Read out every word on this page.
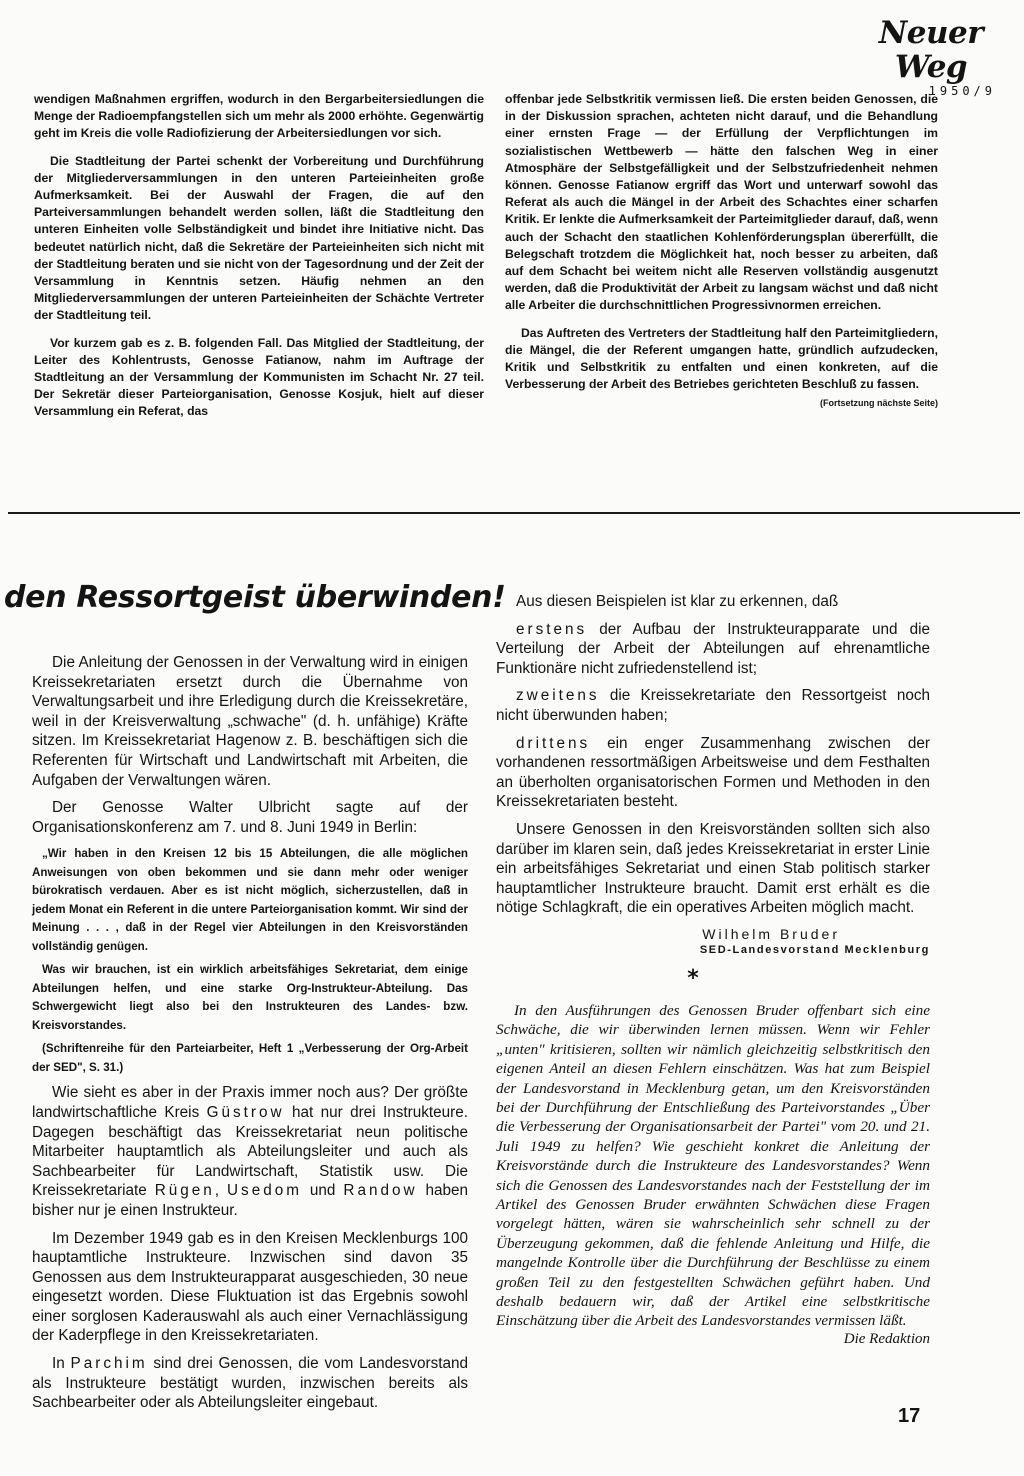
Neuer Weg
1950/9

wendigen Maßnahmen ergriffen, wodurch in den Bergarbeitersiedlungen die Menge der Radioempfangstellen sich um mehr als 2000 erhöhte. Gegenwärtig geht im Kreis die volle Radiofizierung der Arbeitersiedlungen vor sich.

Die Stadtleitung der Partei schenkt der Vorbereitung und Durchführung der Mitgliederversammlungen in den unteren Parteieinheiten große Aufmerksamkeit. Bei der Auswahl der Fragen, die auf den Parteiversammlungen behandelt werden sollen, läßt die Stadtleitung den unteren Einheiten volle Selbständigkeit und bindet ihre Initiative nicht. Das bedeutet natürlich nicht, daß die Sekretäre der Parteieinheiten sich nicht mit der Stadtleitung beraten und sie nicht von der Tagesordnung und der Zeit der Versammlung in Kenntnis setzen. Häufig nehmen an den Mitgliederversammlungen der unteren Parteieinheiten der Schächte Vertreter der Stadtleitung teil.

Vor kurzem gab es z. B. folgenden Fall. Das Mitglied der Stadtleitung, der Leiter des Kohlentrusts, Genosse Fatianow, nahm im Auftrage der Stadtleitung an der Versammlung der Kommunisten im Schacht Nr. 27 teil. Der Sekretär dieser Parteiorganisation, Genosse Kosjuk, hielt auf dieser Versammlung ein Referat, das

offenbar jede Selbstkritik vermissen ließ. Die ersten beiden Genossen, die in der Diskussion sprachen, achteten nicht darauf, und die Behandlung einer ernsten Frage — der Erfüllung der Verpflichtungen im sozialistischen Wettbewerb — hätte den falschen Weg in einer Atmosphäre der Selbstgefälligkeit und der Selbstzufriedenheit nehmen können. Genosse Fatianow ergriff das Wort und unterwarf sowohl das Referat als auch die Mängel in der Arbeit des Schachtes einer scharfen Kritik. Er lenkte die Aufmerksamkeit der Parteimitglieder darauf, daß, wenn auch der Schacht den staatlichen Kohlenförderungsplan übererfüllt, die Belegschaft trotzdem die Möglichkeit hat, noch besser zu arbeiten, daß auf dem Schacht bei weitem nicht alle Reserven vollständig ausgenutzt werden, daß die Produktivität der Arbeit zu langsam wächst und daß nicht alle Arbeiter die durchschnittlichen Progressivnormen erreichen.

Das Auftreten des Vertreters der Stadtleitung half den Parteimitgliedern, die Mängel, die der Referent umgangen hatte, gründlich aufzudecken, Kritik und Selbstkritik zu entfalten und einen konkreten, auf die Verbesserung der Arbeit des Betriebes gerichteten Beschluß zu fassen.

(Fortsetzung nächste Seite)
den Ressortgeist überwinden!

Die Anleitung der Genossen in der Verwaltung wird in einigen Kreissekretariaten ersetzt durch die Übernahme von Verwaltungsarbeit und ihre Erledigung durch die Kreissekretäre, weil in der Kreisverwaltung „schwache" (d. h. unfähige) Kräfte sitzen. Im Kreissekretariat Hagenow z. B. beschäftigen sich die Referenten für Wirtschaft und Landwirtschaft mit Arbeiten, die Aufgaben der Verwaltungen wären.

Der Genosse Walter Ulbricht sagte auf der Organisationskonferenz am 7. und 8. Juni 1949 in Berlin:

„Wir haben in den Kreisen 12 bis 15 Abteilungen, die alle möglichen Anweisungen von oben bekommen und sie dann mehr oder weniger bürokratisch verdauen. Aber es ist nicht möglich, sicherzustellen, daß in jedem Monat ein Referent in die untere Parteiorganisation kommt. Wir sind der Meinung . . . , daß in der Regel vier Abteilungen in den Kreisvorständen vollständig genügen.

Was wir brauchen, ist ein wirklich arbeitsfähiges Sekretariat, dem einige Abteilungen helfen, und eine starke Org-Instrukteur-Abteilung. Das Schwergewicht liegt also bei den Instrukteuren des Landes- bzw. Kreisvorstandes.

(Schriftenreihe für den Parteiarbeiter, Heft 1 „Verbesserung der Org-Arbeit der SED", S. 31.)

Wie sieht es aber in der Praxis immer noch aus? Der größte landwirtschaftliche Kreis Güstrow hat nur drei Instrukteure. Dagegen beschäftigt das Kreissekretariat neun politische Mitarbeiter hauptamtlich als Abteilungsleiter und auch als Sachbearbeiter für Landwirtschaft, Statistik usw. Die Kreissekretariate Rügen, Usedom und Randow haben bisher nur je einen Instrukteur.

Im Dezember 1949 gab es in den Kreisen Mecklenburgs 100 hauptamtliche Instrukteure. Inzwischen sind davon 35 Genossen aus dem Instrukteurapparat ausgeschieden, 30 neue eingesetzt worden. Diese Fluktuation ist das Ergebnis sowohl einer sorglosen Kaderauswahl als auch einer Vernachlässigung der Kaderpflege in den Kreissekretariaten.

In Parchim sind drei Genossen, die vom Landesvorstand als Instrukteure bestätigt wurden, inzwischen bereits als Sachbearbeiter oder als Abteilungsleiter eingebaut.

Aus diesen Beispielen ist klar zu erkennen, daß

erstens der Aufbau der Instrukteurapparate und die Verteilung der Arbeit der Abteilungen auf ehrenamtliche Funktionäre nicht zufriedenstellend ist;

zweitens die Kreissekretariate den Ressortgeist noch nicht überwunden haben;

drittens ein enger Zusammenhang zwischen der vorhandenen ressortmäßigen Arbeitsweise und dem Festhalten an überholten organisatorischen Formen und Methoden in den Kreissekretariaten besteht.

Unsere Genossen in den Kreisvorständen sollten sich also darüber im klaren sein, daß jedes Kreissekretariat in erster Linie ein arbeitsfähiges Sekretariat und einen Stab politisch starker hauptamtlicher Instrukteure braucht. Damit erst erhält es die nötige Schlagkraft, die ein operatives Arbeiten möglich macht.

Wilhelm Bruder
SED-Landesvorstand Mecklenburg
*

In den Ausführungen des Genossen Bruder offenbart sich eine Schwäche, die wir überwinden lernen müssen. Wenn wir Fehler „unten" kritisieren, sollten wir nämlich gleichzeitig selbstkritisch den eigenen Anteil an diesen Fehlern einschätzen. Was hat zum Beispiel der Landesvorstand in Mecklenburg getan, um den Kreisvorständen bei der Durchführung der Entschließung des Parteivorstandes „Über die Verbesserung der Organisationsarbeit der Partei" vom 20. und 21. Juli 1949 zu helfen? Wie geschieht konkret die Anleitung der Kreisvorstände durch die Instrukteure des Landesvorstandes? Wenn sich die Genossen des Landesvorstandes nach der Feststellung der im Artikel des Genossen Bruder erwähnten Schwächen diese Fragen vorgelegt hätten, wären sie wahrscheinlich sehr schnell zu der Überzeugung gekommen, daß die fehlende Anleitung und Hilfe, die mangelnde Kontrolle über die Durchführung der Beschlüsse zu einem großen Teil zu den festgestellten Schwächen geführt haben. Und deshalb bedauern wir, daß der Artikel eine selbstkritische Einschätzung über die Arbeit des Landesvorstandes vermissen läßt.

Die Redaktion
17
